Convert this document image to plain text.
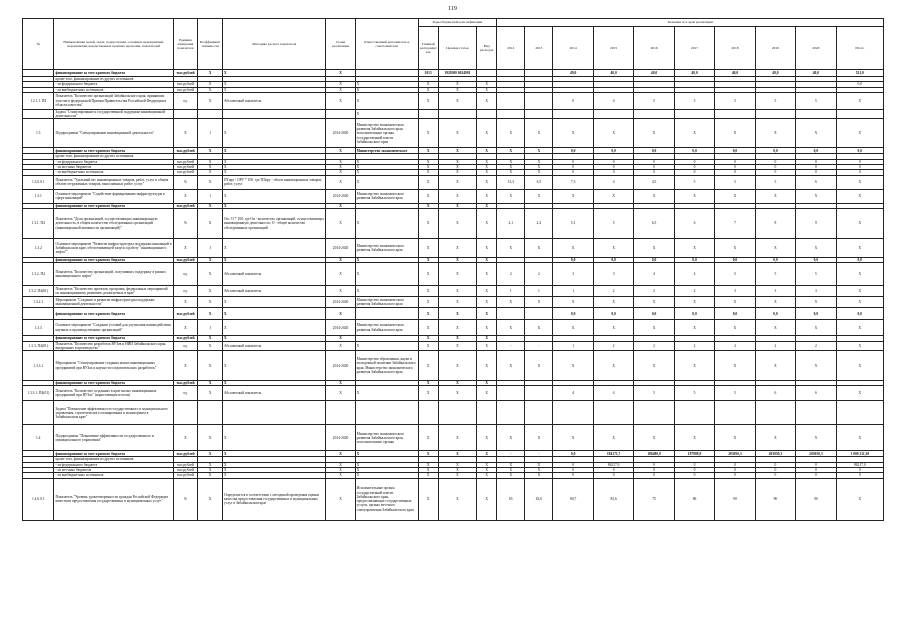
119
№	Наименование целей, задач, подпрограмм, основных мероприятий, мероприятий, ведомственных целевых программ, показателей	Единица измерения показателя	Коэффициент значимости	Методика расчета показателя	Сроки реализации	Ответственный исполнитель и соисполнители	Коды бюджетной классификации			Значения по годам реализации									
							Главный распорядитель	Целевая статья	Вид расходов	2012	2013	2014	2015	2016	2017	2018	2019	2020	Итого
	финансирование за счет краевого бюджета	тыс.рублей	Х	Х	Х		0113	1920300 6024001				49,0	40,0	40,0	40,0	40,0	40,0	40,0	521,0
	кроме того, финансирование из других источников																		
	- из федерального бюджета	тыс.рублей	Х	Х	Х	Х	Х	Х	Х										0,0
	- из внебюджетных источников	тыс.рублей	Х	Х	Х	Х	Х	Х	Х										
1.2.1.1. П4	Показатель "Количество организаций Забайкальского края, принявших участие в федеральной Премии Правительства Российской Федерации в области качества"	ед.	Х	Абсолютный показатель	Х	Х	Х	Х	Х			0	4	5	5	5	5	5	Х
	Задача "Стимулирование к государственной поддержке инновационной деятельности"					Х													
1.3	Подпрограмма "Стимулирование инновационной деятельности"	Х	1	Х	2014-2020	Министерство экономического развития Забайкальского края, исполнительные органы государственной власти Забайкальского края	Х	Х	Х	Х	Х	Х	Х	Х	Х	Х	Х	Х	Х
	финансирование за счет краевого бюджета	тыс.рублей	Х	Х	Х	Министерство экономического	Х	Х	Х	Х	Х	0,0	0,0	0,0	0,0	0,0	0,0	0,0	0,0
	кроме того, финансирование из других источников																		
	- из федерального бюджета	тыс.рублей	Х	Х	Х	Х	Х	Х	Х	Х	Х	0	0	0	0	0	0	0	0
	- из местных бюджетов	тыс.рублей	Х	Х	Х	Х	Х	Х	Х	Х	Х	0	0	0	0	0	0	0	0
	- из внебюджетных источников	тыс.рублей	Х	Х	Х	Х	Х	Х	Х	Х	Х	0	0	0	0	0	0	0	0
1.3.0.0.1	Показатель "Удельный вес инновационных товаров, работ, услуг в общем объеме отгруженных товаров, выполненных работ, услуг"	%	Х	ПТиру / ОРУ * 100, где ПТиру - объем инновационных товаров, работ, услуг	Х	Х	Х	Х	Х	13,3	6,5	7,3	4	4,5	5	5	5	6	Х
1.3.1	Основное мероприятие "Содействие формированию инфраструктуры в сфере инноваций"	Х	1	Х	2014-2020	Министерство экономического развития Забайкальского края	Х	Х	Х	Х	Х	Х	Х	Х	Х	Х	Х	Х	Х
	финансирование за счет краевого бюджета	тыс.рублей	Х	Х	Х		Х	Х	Х										
1.3.1. П4	Показатель "Доля организаций, осуществляющих инновационную деятельность, в общем количестве обследованных организаций (инновационной активности организаций)"	%	Х	Ои / О * 100, где Ои - количество организаций, осуществляющих инновационную деятельность; О - общее количество обследованных организаций	Х	Х	Х	Х	Х	2,1	2,2	5,1	5	6,5	6	7	8	9	Х
1.3.2	Основное мероприятие "Развитие инфраструктуры поддержки инноваций в Забайкальском крае, обеспечивающей запуск и работу "инновационного лифта""	Х	1	Х	2014-2020	Министерство экономического развития Забайкальского края	Х	Х	Х	Х	Х	Х	Х	Х	Х	Х	Х	Х	Х
	финансирование за счет краевого бюджета	тыс.рублей	Х	Х	Х	Х	Х	Х	Х			0,0	0,0	0,0	0,0	0,0	0,0	0,0	0,0
1.3.2. П4	Показатель "Количество организаций, получивших поддержку в рамках инновационного лифта"	ед.	Х	Абсолютный показатель	Х	Х	Х	Х	Х	2	2	3	3	4	4	5	5	5	Х
1.3.2. П4(01)	Показатель "Количество проектов, программ, федеральных мероприятий по инновационному развитию, реализуемых в крае"	ед.	Х	Абсолютный показатель	Х	Х	Х	Х	Х	1	1	1	2	2	2	3	3	3	Х
1.3.2.1	Мероприятие "Создание и развитие инфраструктуры поддержки инновационной деятельности"	Х	Х	Х	2014-2020	Министерство экономического развития Забайкальского края	Х	Х	Х	Х	Х	Х	Х	Х	Х	Х	Х	Х	Х
	финансирование за счет краевого бюджета	тыс.рублей	Х	Х	Х		Х	Х	Х			0,0	0,0	0,0	0,0	0,0	0,0	0,0	0,0
1.3.3	Основное мероприятие "Создание условий для улучшения взаимодействия научных и производственных организаций"	Х	1	Х	2014-2020	Министерство экономического развития Забайкальского края	Х	Х	Х	Х	Х	Х	Х	Х	Х	Х	Х	Х	Х
	финансирование за счет краевого бюджета	тыс.рублей	Х	Х	Х		Х	Х	Х										
1.3.3. П4(01)	Показатель "Количество разработок ВУЗов и НИИ Забайкальского края, внедренных в производство"	ед.	Х	Абсолютный показатель	Х	Х	Х	Х	Х	-	-	1	2	2	2	2	2	2	Х
1.3.3.1	Мероприятие "Стимулирование создания малых инновационных предприятий при ВУЗах и научно-исследовательских разработок"	Х	Х	Х	2014-2020	Министерство образования, науки и молодежной политики Забайкальского края, Министерство экономического развития Забайкальского края	Х	Х	Х	Х	Х	Х	Х	Х	Х	Х	Х	Х	Х
	финансирование за счет краевого бюджета	тыс.рублей	Х	Х	Х		Х	Х	Х										
1.3.3.1. П4(01)	Показатель "Количество созданных в крае малых инновационных предприятий при ВУЗах" (нарастающим итогом)	ед.	Х	Абсолютный показатель	Х	Х	Х	Х	Х			4	4	5	5	5	6	6	Х
	Задача "Повышение эффективности государственного и муниципального управления, стратегического планирования и мониторинга в Забайкальском крае"																		
1.4	Подпрограмма "Повышение эффективности государственного и муниципального управления"	Х	Х	Х	2014-2020	Министерство экономического развития Забайкальского края, исполнительные органы	Х	Х	Х	Х	Х	Х	Х	Х	Х	Х	Х	Х	Х
	финансирование за счет краевого бюджета	тыс.рублей	Х	Х	Х	Х	Х	Х	Х	-	-	0,0	184171,7	186480,0	197988,9	203050,3	203050,3	203050,3	1 000 211,30
	кроме того, финансирование из других источников																		
	- из федерального бюджета	тыс.рублей	Х	Х	Х	Х	Х	Х	Х	Х	Х	0	86217,0	0	0	0	0	0	86217,0
	- из местных бюджетов	тыс.рублей	Х	Х	Х	Х	Х	Х	Х	Х	Х	0	0	0	0	0	0	0	0
	- из внебюджетных источников	тыс.рублей	Х	Х	Х	Х	Х	Х	Х	Х	Х	0	0	0	0	0	0	0	0
1.4.0.0.1	Показатель "Уровень удовлетворенности граждан Российской Федерации качеством предоставления государственных и муниципальных услуг"	%	Х	Определяется в соответствии с методикой проведения оценки качества предоставления государственных и муниципальных услуг в Забайкальском крае	Х	Исполнительные органы государственной власти Забайкальского края, предоставляющие государственные услуги, органы местного самоуправления Забайкальского края	Х	Х	Х	65	63,6	80,7	83,6	75	86	90	90	90	Х
